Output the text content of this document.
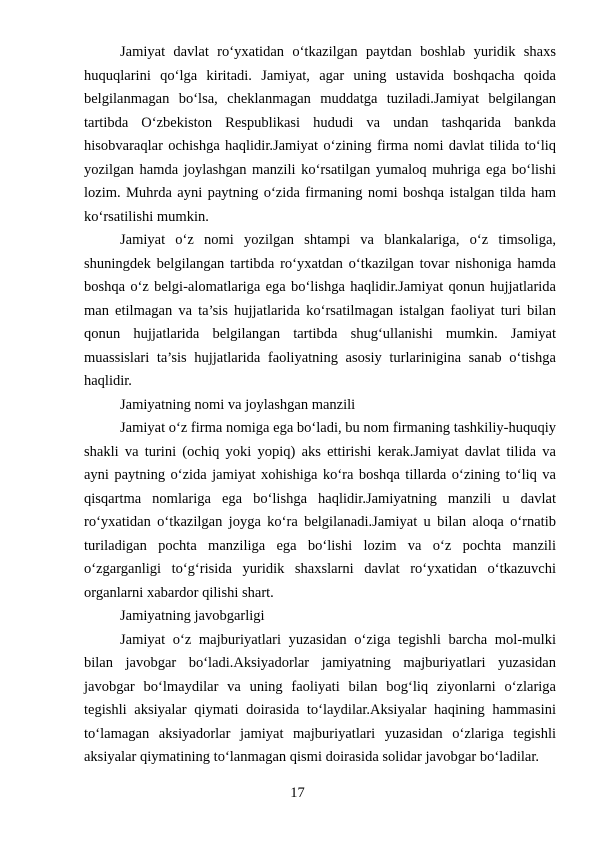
Jamiyat davlat ro‘yxatidan o‘tkazilgan paytdan boshlab yuridik shaxs huquqlarini qo‘lga kiritadi. Jamiyat, agar uning ustavida boshqacha qoida belgilanmagan bo‘lsa, cheklanmagan muddatga tuziladi.Jamiyat belgilangan tartibda O‘zbekiston Respublikasi hududi va undan tashqarida bankda hisobvaraqlar ochishga haqlidir.Jamiyat o‘zining firma nomi davlat tilida to‘liq yozilgan hamda joylashgan manzili ko‘rsatilgan yumaloq muhriga ega bo‘lishi lozim. Muhrda ayni paytning o‘zida firmaning nomi boshqa istalgan tilda ham ko‘rsatilishi mumkin.

Jamiyat o‘z nomi yozilgan shtampi va blankalariga, o‘z timsoliga, shuningdek belgilangan tartibda ro‘yxatdan o‘tkazilgan tovar nishoniga hamda boshqa o‘z belgi-alomatlariga ega bo‘lishga haqlidir.Jamiyat qonun hujjatlarida man etilmagan va ta’sis hujjatlarida ko‘rsatilmagan istalgan faoliyat turi bilan qonun hujjatlarida belgilangan tartibda shug‘ullanishi mumkin. Jamiyat muassislari ta’sis hujjatlarida faoliyatning asosiy turlarinigina sanab o‘tishga haqlidir.

Jamiyatning nomi va joylashgan manzili

Jamiyat o‘z firma nomiga ega bo‘ladi, bu nom firmaning tashkiliy-huquqiy shakli va turini (ochiq yoki yopiq) aks ettirishi kerak.Jamiyat davlat tilida va ayni paytning o‘zida jamiyat xohishiga ko‘ra boshqa tillarda o‘zining to‘liq va qisqartma nomlariga ega bo‘lishga haqlidir.Jamiyatning manzili u davlat ro‘yxatidan o‘tkazilgan joyga ko‘ra belgilanadi.Jamiyat u bilan aloqa o‘rnatib turiladigan pochta manziliga ega bo‘lishi lozim va o‘z pochta manzili o‘zgarganligi to‘g‘risida yuridik shaxslarni davlat ro‘yxatidan o‘tkazuvchi organlarni xabardor qilishi shart.

Jamiyatning javobgarligi

Jamiyat o‘z majburiyatlari yuzasidan o‘ziga tegishli barcha mol-mulki bilan javobgar bo‘ladi.Aksiyadorlar jamiyatning majburiyatlari yuzasidan javobgar bo‘lmaydilar va uning faoliyati bilan bog‘liq ziyonlarni o‘zlariga tegishli aksiyalar qiymati doirasida to‘laydilar.Aksiyalar haqining hammasini to‘lamagan aksiyadorlar jamiyat majburiyatlari yuzasidan o‘zlariga tegishli aksiyalar qiymatining to‘lanmagan qismi doirasida solidar javobgar bo‘ladilar.

17
